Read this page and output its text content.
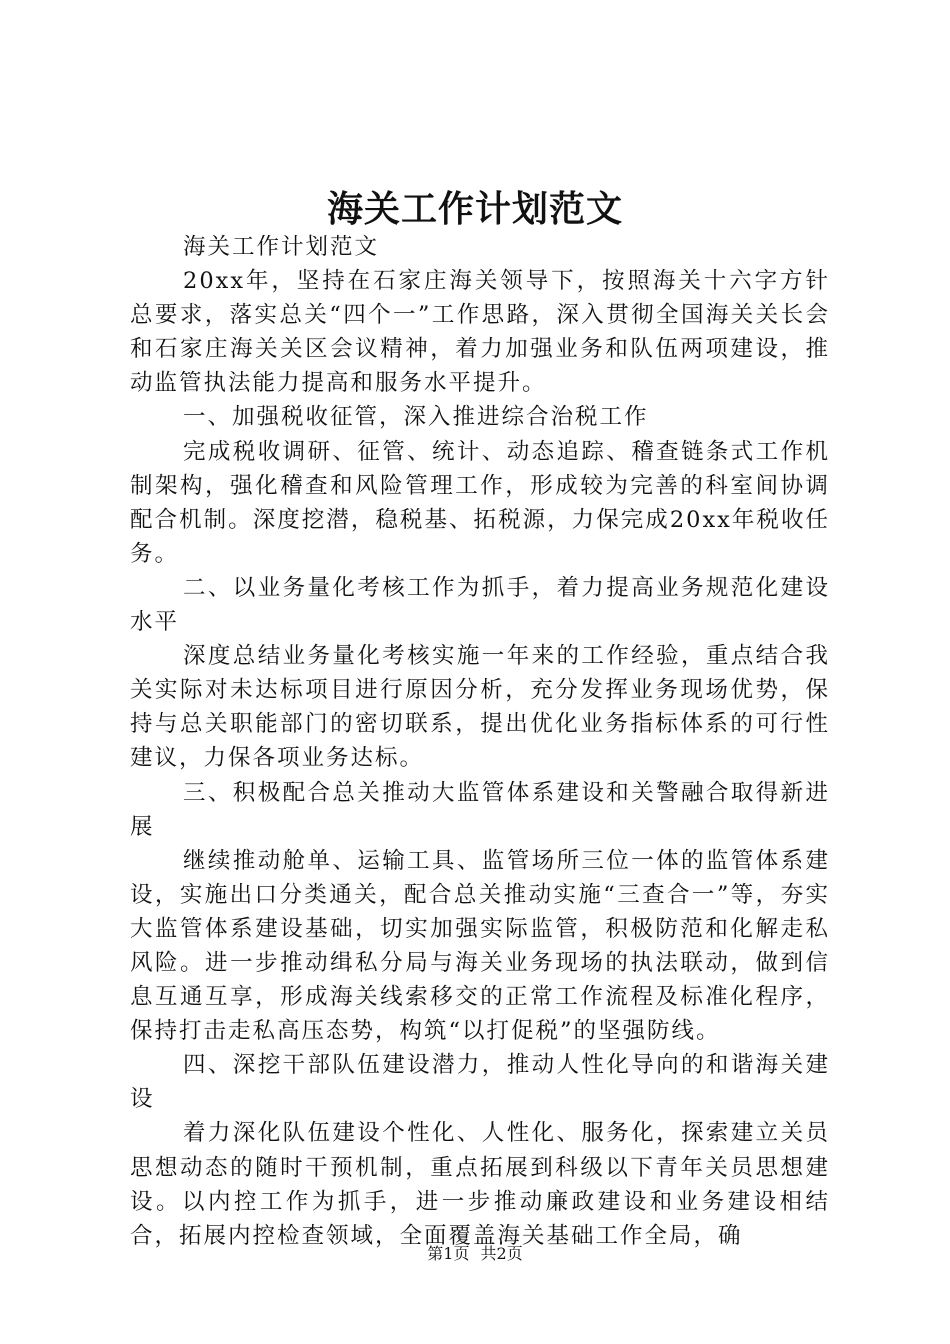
海关工作计划范文

海关工作计划范文

20xx年，坚持在石家庄海关领导下，按照海关十六字方针总要求，落实总关“四个一”工作思路，深入贯彻全国海关关长会和石家庄海关关区会议精神，着力加强业务和队伍两项建设，推动监管执法能力提高和服务水平提升。

一、加强税收征管，深入推进综合治税工作

完成税收调研、征管、统计、动态追踪、稽查链条式工作机制架构，强化稽查和风险管理工作，形成较为完善的科室间协调配合机制。深度挖潜，稳税基、拓税源，力保完成20xx年税收任务。

二、以业务量化考核工作为抓手，着力提高业务规范化建设水平

深度总结业务量化考核实施一年来的工作经验，重点结合我关实际对未达标项目进行原因分析，充分发挥业务现场优势，保持与总关职能部门的密切联系，提出优化业务指标体系的可行性建议，力保各项业务达标。

三、积极配合总关推动大监管体系建设和关警融合取得新进展

继续推动舱单、运输工具、监管场所三位一体的监管体系建设，实施出口分类通关，配合总关推动实施“三查合一”等，夯实大监管体系建设基础，切实加强实际监管，积极防范和化解走私风险。进一步推动缉私分局与海关业务现场的执法联动，做到信息互通互享，形成海关线索移交的正常工作流程及标准化程序，保持打击走私高压态势，构筑“以打促税”的坚强防线。

四、深挖干部队伍建设潜力，推动人性化导向的和谐海关建设

着力深化队伍建设个性化、人性化、服务化，探索建立关员思想动态的随时干预机制，重点拓展到科级以下青年关员思想建设。以内控工作为抓手，进一步推动廉政建设和业务建设相结合，拓展内控检查领域，全面覆盖海关基础工作全局，确

第1页 共2页
